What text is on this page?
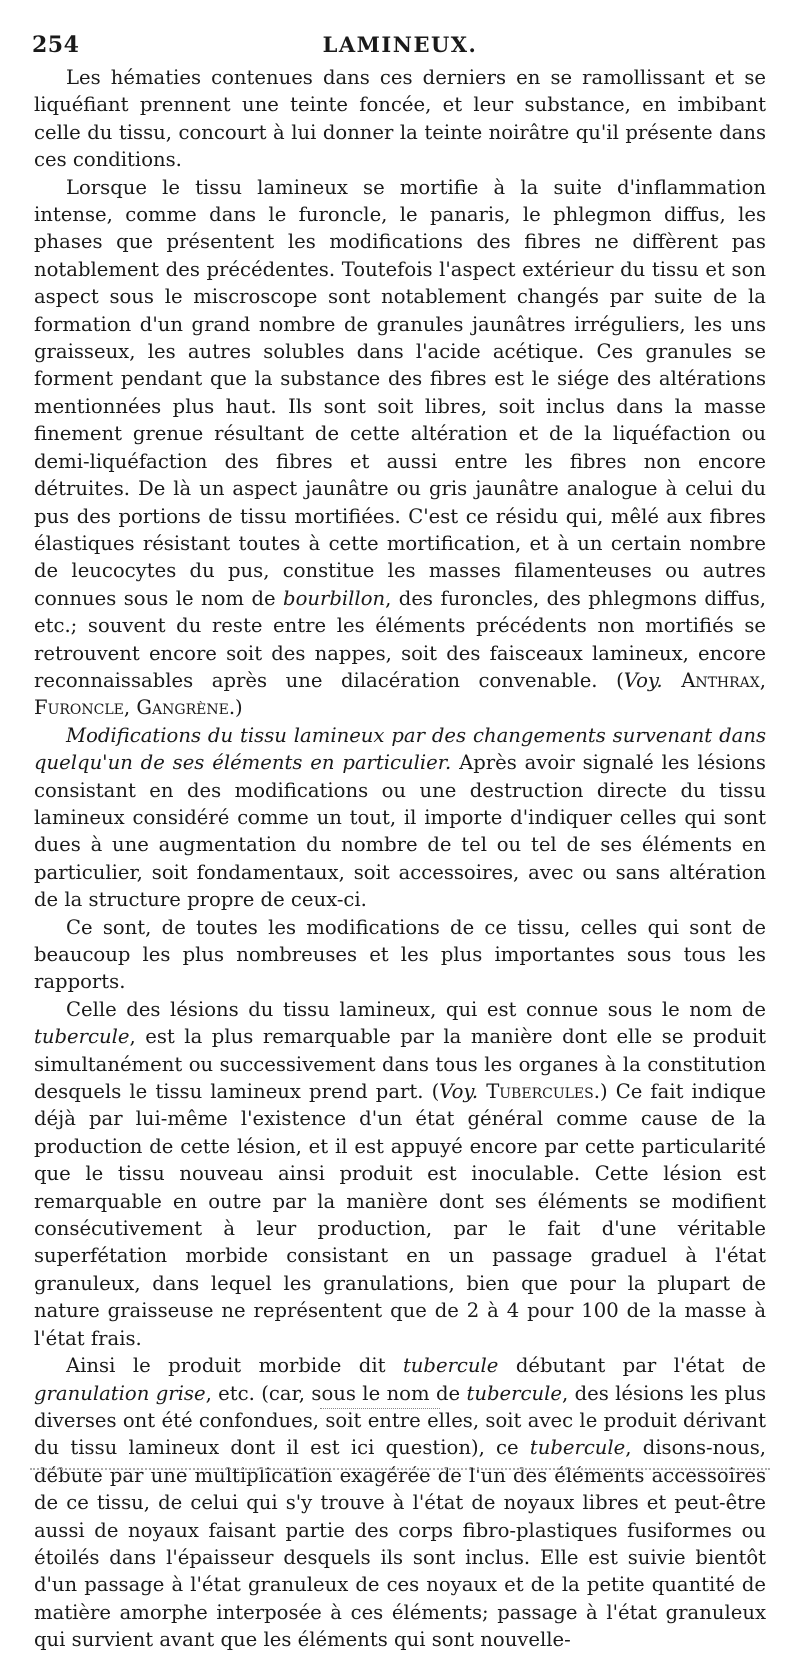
254	LAMINEUX.

Les hématies contenues dans ces derniers en se ramollissant et se liquéfiant prennent une teinte foncée, et leur substance, en imbibant celle du tissu, concourt à lui donner la teinte noirâtre qu'il présente dans ces conditions.

Lorsque le tissu lamineux se mortifie à la suite d'inflammation intense, comme dans le furoncle, le panaris, le phlegmon diffus, les phases que présentent les modifications des fibres ne diffèrent pas notablement des précédentes. Toutefois l'aspect extérieur du tissu et son aspect sous le miscroscope sont notablement changés par suite de la formation d'un grand nombre de granules jaunâtres irréguliers, les uns graisseux, les autres solubles dans l'acide acétique. Ces granules se forment pendant que la substance des fibres est le siége des altérations mentionnées plus haut. Ils sont soit libres, soit inclus dans la masse finement grenue résultant de cette altération et de la liquéfaction ou demi-liquéfaction des fibres et aussi entre les fibres non encore détruites. De là un aspect jaunâtre ou gris jaunâtre analogue à celui du pus des portions de tissu mortifiées. C'est ce résidu qui, mêlé aux fibres élastiques résistant toutes à cette mortification, et à un certain nombre de leucocytes du pus, constitue les masses filamenteuses ou autres connues sous le nom de bourbillon, des furoncles, des phlegmons diffus, etc.; souvent du reste entre les éléments précédents non mortifiés se retrouvent encore soit des nappes, soit des faisceaux lamineux, encore reconnaissables après une dilacération convenable. (Voy. Anthrax, Furoncle, Gangrène.)

Modifications du tissu lamineux par des changements survenant dans quelqu'un de ses éléments en particulier. Après avoir signalé les lésions consistant en des modifications ou une destruction directe du tissu lamineux considéré comme un tout, il importe d'indiquer celles qui sont dues à une augmentation du nombre de tel ou tel de ses éléments en particulier, soit fondamentaux, soit accessoires, avec ou sans altération de la structure propre de ceux-ci.

Ce sont, de toutes les modifications de ce tissu, celles qui sont de beaucoup les plus nombreuses et les plus importantes sous tous les rapports.

Celle des lésions du tissu lamineux, qui est connue sous le nom de tubercule, est la plus remarquable par la manière dont elle se produit simultanément ou successivement dans tous les organes à la constitution desquels le tissu lamineux prend part. (Voy. Tubercules.) Ce fait indique déjà par lui-même l'existence d'un état général comme cause de la production de cette lésion, et il est appuyé encore par cette particularité que le tissu nouveau ainsi produit est inoculable. Cette lésion est remarquable en outre par la manière dont ses éléments se modifient consécutivement à leur production, par le fait d'une véritable superfétation morbide consistant en un passage graduel à l'état granuleux, dans lequel les granulations, bien que pour la plupart de nature graisseuse ne représentent que de 2 à 4 pour 100 de la masse à l'état frais.

Ainsi le produit morbide dit tubercule débutant par l'état de granulation grise, etc. (car, sous le nom de tubercule, des lésions les plus diverses ont été confondues, soit entre elles, soit avec le produit dérivant du tissu lamineux dont il est ici question), ce tubercule, disons-nous, débute par une multiplication exagérée de l'un des éléments accessoires de ce tissu, de celui qui s'y trouve à l'état de noyaux libres et peut-être aussi de noyaux faisant partie des corps fibro-plastiques fusiformes ou étoilés dans l'épaisseur desquels ils sont inclus. Elle est suivie bientôt d'un passage à l'état granuleux de ces noyaux et de la petite quantité de matière amorphe interposée à ces éléments; passage à l'état granuleux qui survient avant que les éléments qui sont nouvelle-
